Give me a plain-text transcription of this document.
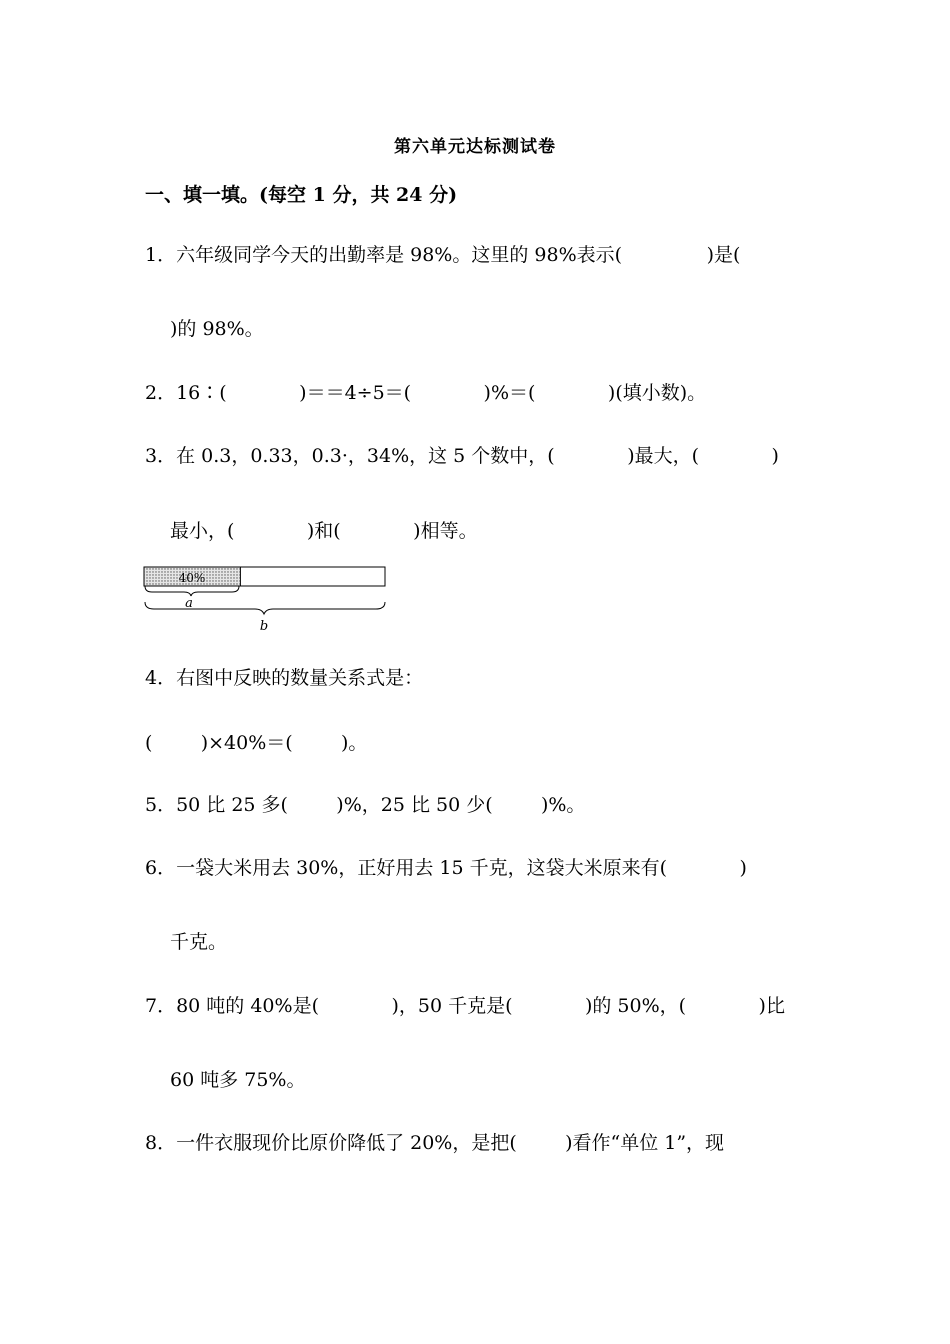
第六单元达标测试卷
一、填一填。(每空 1 分，共 24 分)
1．六年级同学今天的出勤率是 98%。这里的 98%表示(              )是(
)的 98%。
2．16∶(            )＝＝4÷5＝(            )%＝(            )(填小数)。
3．在 0.3，0.33，0.3·，34%，这 5 个数中，(            )最大，(            )
最小，(            )和(            )相等。
40%
a
b
4．右图中反映的数量关系式是：
(        )×40%＝(        )。
5．50 比 25 多(        )%，25 比 50 少(        )%。
6．一袋大米用去 30%，正好用去 15 千克，这袋大米原来有(            )
千克。
7．80 吨的 40%是(            )，50 千克是(            )的 50%，(            )比
60 吨多 75%。
8．一件衣服现价比原价降低了 20%，是把(        )看作“单位 1”，现
